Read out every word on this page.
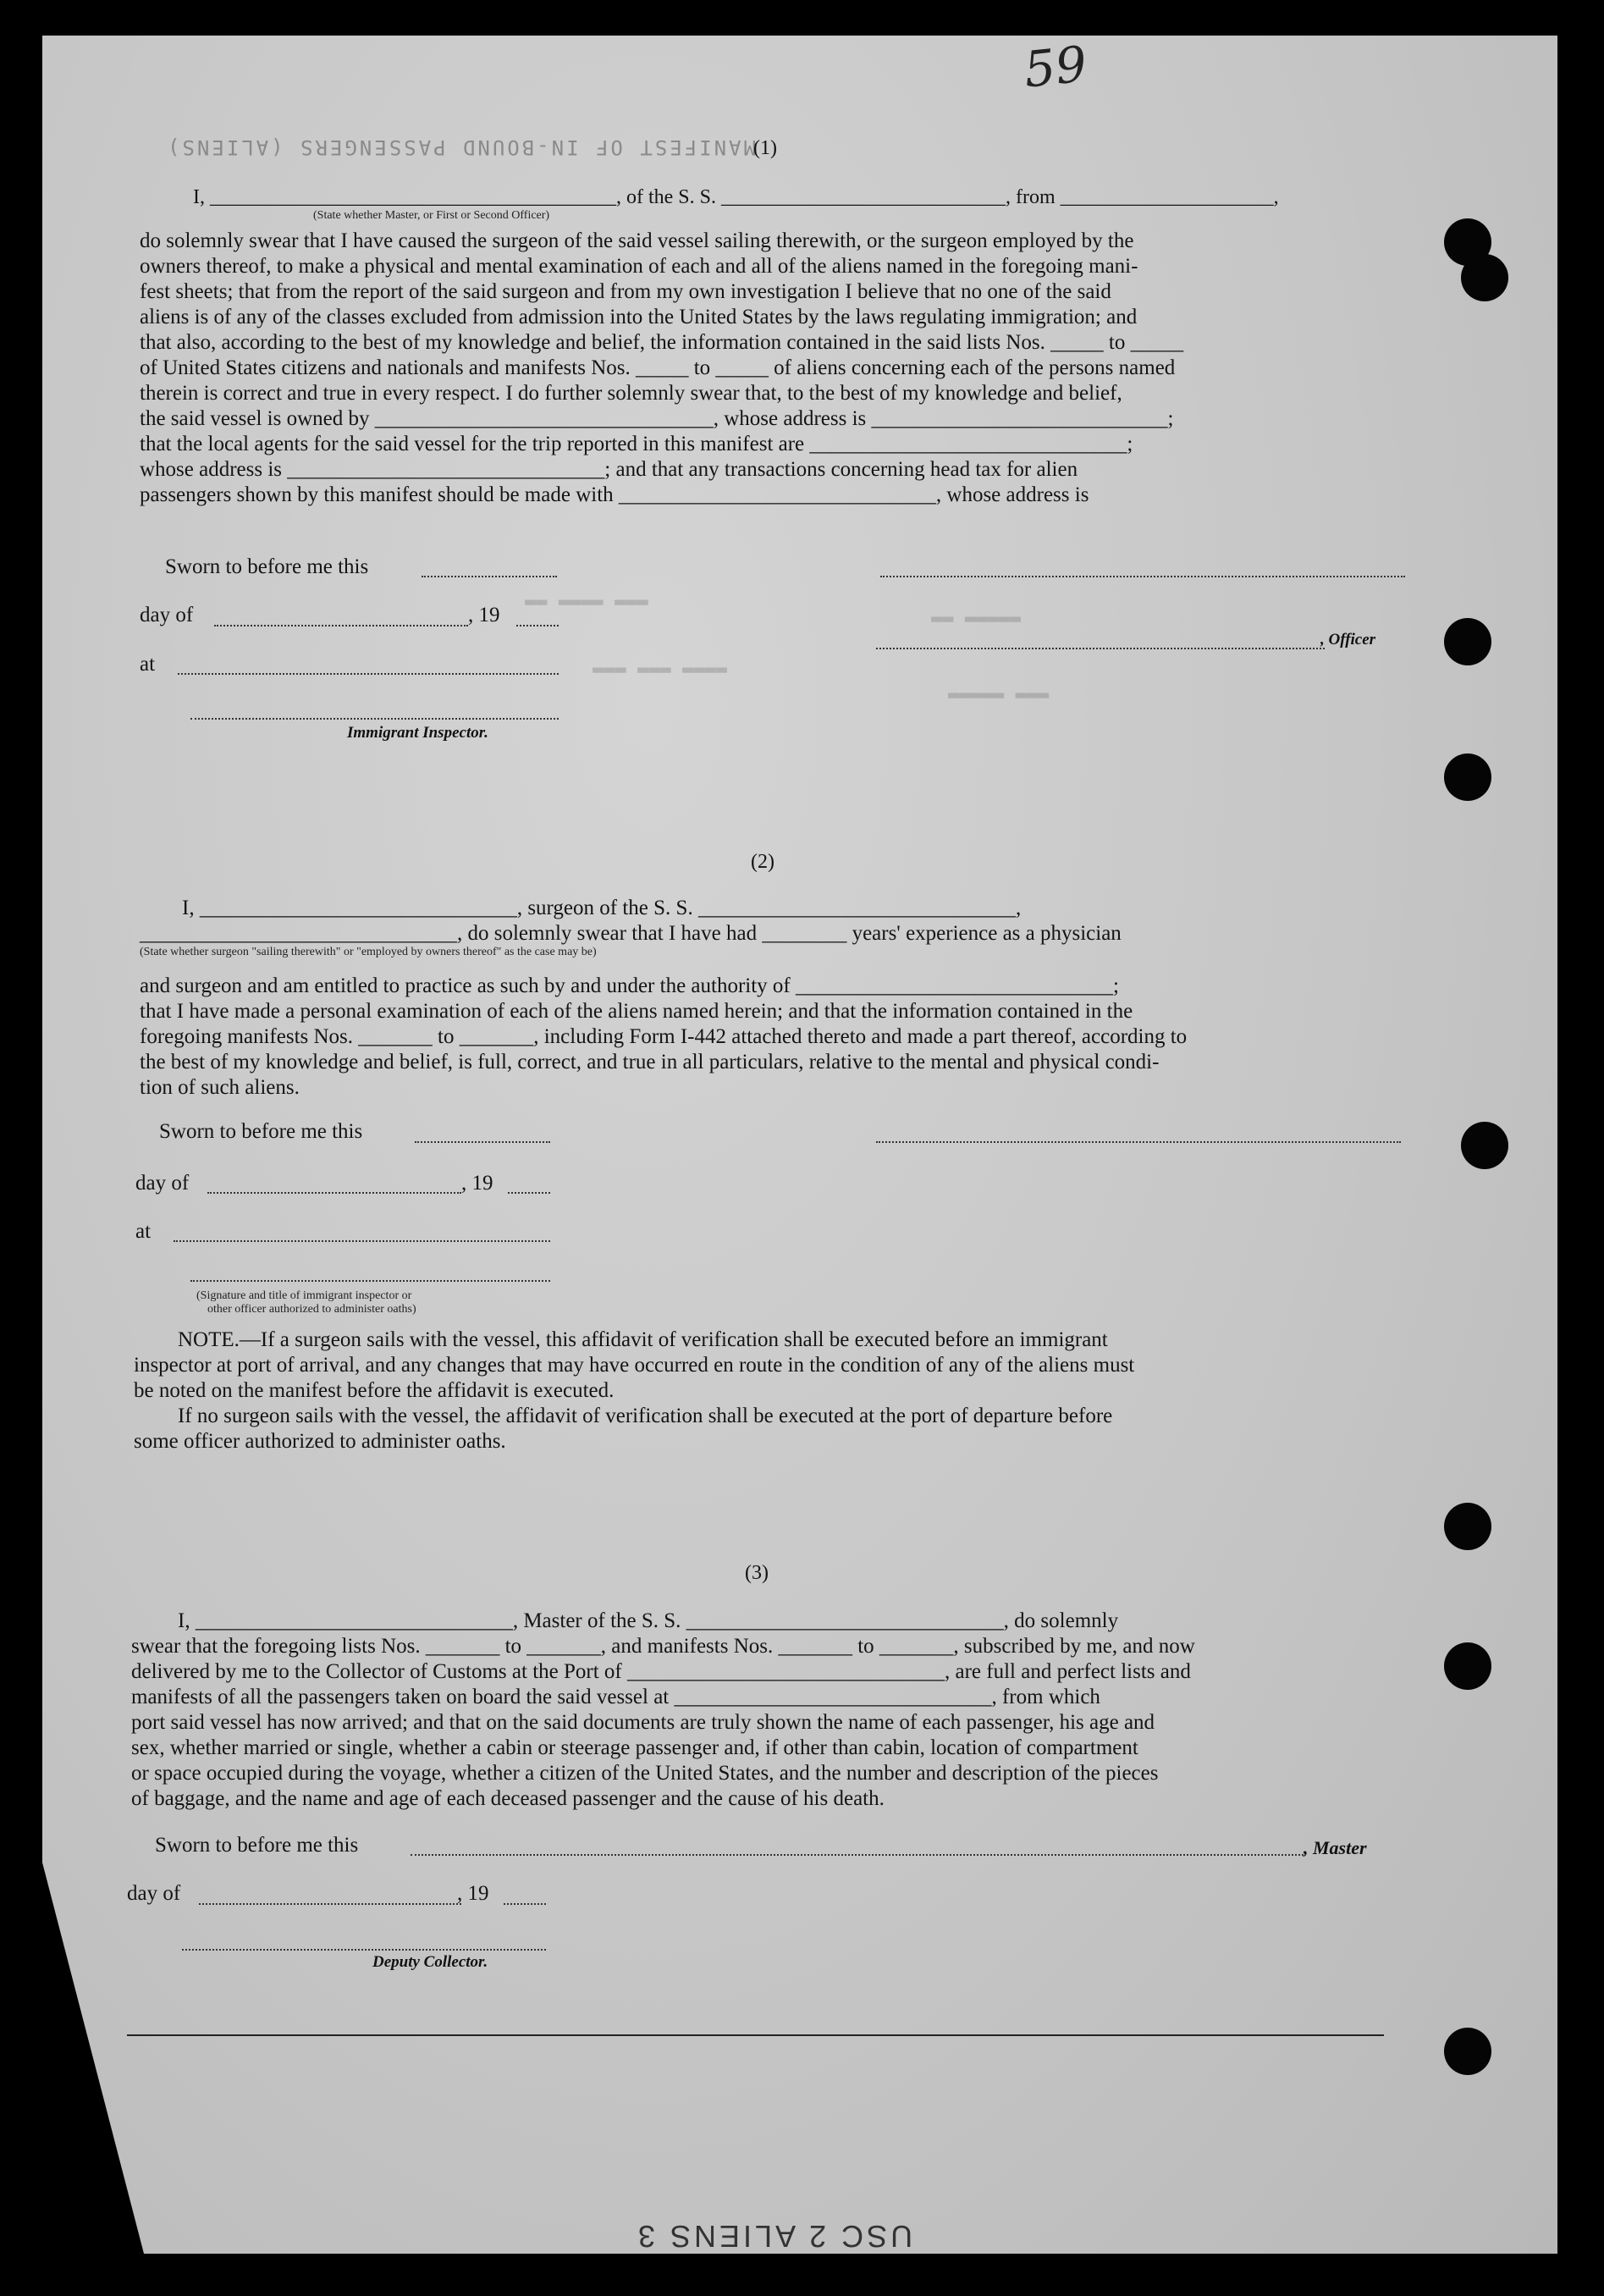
59
MANIFEST OF IN-BOUND PASSENGERS (ALIENS)
▬▬▬ ▬▬▬▬ ▬▬
▬▬▬▬ ▬▬▬ ▬▬▬
▬▬▬▬▬ ▬▬
▬▬▬ ▬▬▬▬▬
(1)
I, ________________________________________, of the S. S. ____________________________, from _____________________,
(State whether Master, or First or Second Officer)
do solemnly swear that I have caused the surgeon of the said vessel sailing therewith, or the surgeon employed by the
owners thereof, to make a physical and mental examination of each and all of the aliens named in the foregoing mani-
fest sheets; that from the report of the said surgeon and from my own investigation I believe that no one of the said
aliens is of any of the classes excluded from admission into the United States by the laws regulating immigration; and
that also, according to the best of my knowledge and belief, the information contained in the said lists Nos. _____ to _____
of United States citizens and nationals and manifests Nos. _____ to _____ of aliens concerning each of the persons named
therein is correct and true in every respect. I do further solemnly swear that, to the best of my knowledge and belief,
the said vessel is owned by ________________________________, whose address is ____________________________;
that the local agents for the said vessel for the trip reported in this manifest are ______________________________;
whose address is ______________________________; and that any transactions concerning head tax for alien
passengers shown by this manifest should be made with ______________________________, whose address is
Sworn to before me this
day of	, 19
, Officer
at
Immigrant Inspector.
(2)
I, ______________________________, surgeon of the S. S. ______________________________,
______________________________, do solemnly swear that I have had ________ years' experience as a physician
(State whether surgeon "sailing therewith" or "employed by owners thereof" as the case may be)
and surgeon and am entitled to practice as such by and under the authority of ______________________________;
that I have made a personal examination of each of the aliens named herein; and that the information contained in the
foregoing manifests Nos. _______ to _______, including Form I-442 attached thereto and made a part thereof, according to
the best of my knowledge and belief, is full, correct, and true in all particulars, relative to the mental and physical condi-
tion of such aliens.
Sworn to before me this
day of	, 19
at
(Signature and title of immigrant inspector or
other officer authorized to administer oaths)
NOTE.—If a surgeon sails with the vessel, this affidavit of verification shall be executed before an immigrant
inspector at port of arrival, and any changes that may have occurred en route in the condition of any of the aliens must
be noted on the manifest before the affidavit is executed.
If no surgeon sails with the vessel, the affidavit of verification shall be executed at the port of departure before
some officer authorized to administer oaths.
(3)
I, ______________________________, Master of the S. S. ______________________________, do solemnly
swear that the foregoing lists Nos. _______ to _______, and manifests Nos. _______ to _______, subscribed by me, and now
delivered by me to the Collector of Customs at the Port of ______________________________, are full and perfect lists and
manifests of all the passengers taken on board the said vessel at ______________________________, from which
port said vessel has now arrived; and that on the said documents are truly shown the name of each passenger, his age and
sex, whether married or single, whether a cabin or steerage passenger and, if other than cabin, location of compartment
or space occupied during the voyage, whether a citizen of the United States, and the number and description of the pieces
of baggage, and the name and age of each deceased passenger and the cause of his death.
Sworn to before me this	, Master
day of	, 19
Deputy Collector.
USC 2 ALIENS 3
